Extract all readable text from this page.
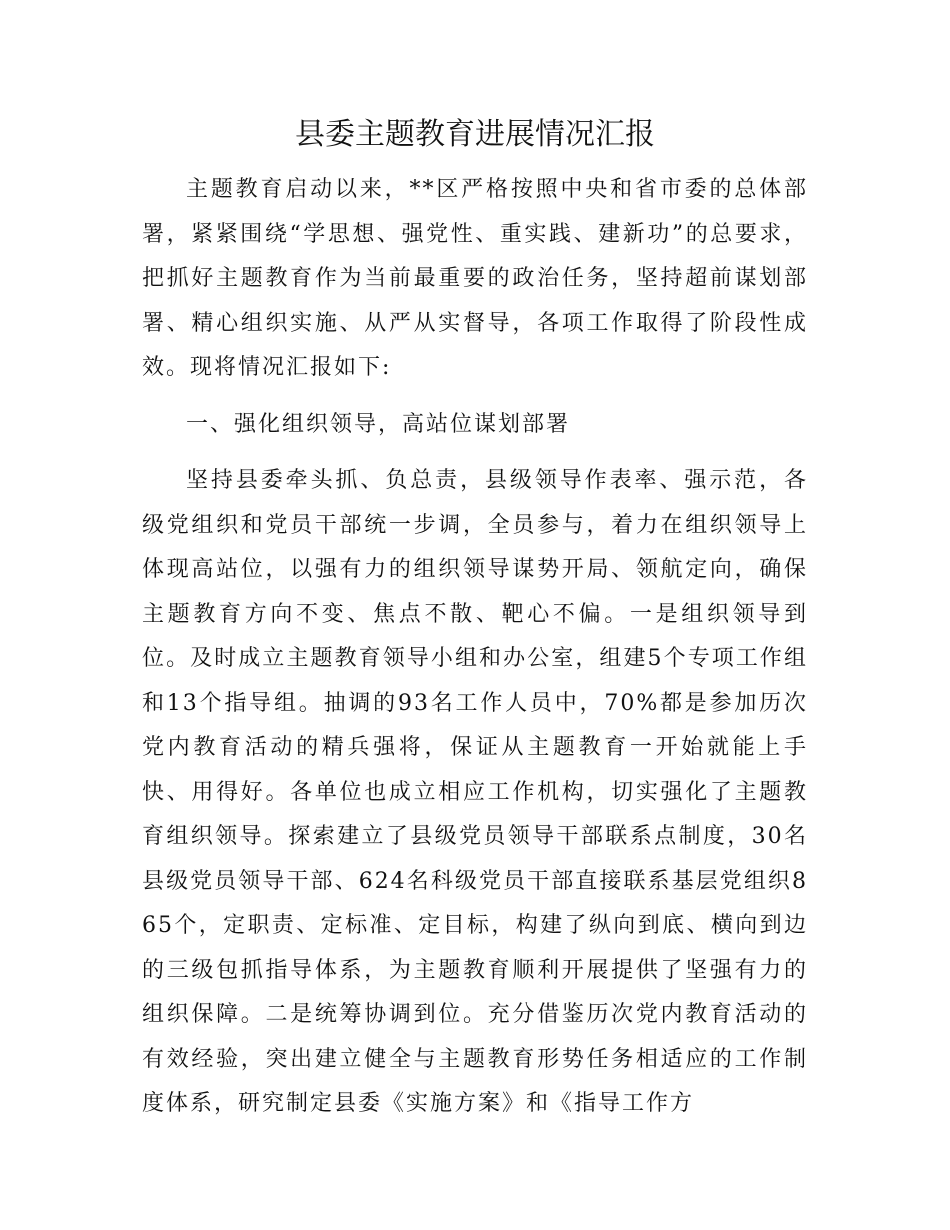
县委主题教育进展情况汇报

主题教育启动以来，**区严格按照中央和省市委的总体部署，紧紧围绕“学思想、强党性、重实践、建新功”的总要求，把抓好主题教育作为当前最重要的政治任务，坚持超前谋划部署、精心组织实施、从严从实督导，各项工作取得了阶段性成效。现将情况汇报如下:

一、强化组织领导，高站位谋划部署

坚持县委牵头抓、负总责，县级领导作表率、强示范，各级党组织和党员干部统一步调，全员参与，着力在组织领导上体现高站位，以强有力的组织领导谋势开局、领航定向，确保主题教育方向不变、焦点不散、靶心不偏。一是组织领导到位。及时成立主题教育领导小组和办公室，组建5个专项工作组和13个指导组。抽调的93名工作人员中，70%都是参加历次党内教育活动的精兵强将，保证从主题教育一开始就能上手快、用得好。各单位也成立相应工作机构，切实强化了主题教育组织领导。探索建立了县级党员领导干部联系点制度，30名县级党员领导干部、624名科级党员干部直接联系基层党组织865个，定职责、定标准、定目标，构建了纵向到底、横向到边的三级包抓指导体系，为主题教育顺利开展提供了坚强有力的组织保障。二是统筹协调到位。充分借鉴历次党内教育活动的有效经验，突出建立健全与主题教育形势任务相适应的工作制度体系，研究制定县委《实施方案》和《指导工作方
